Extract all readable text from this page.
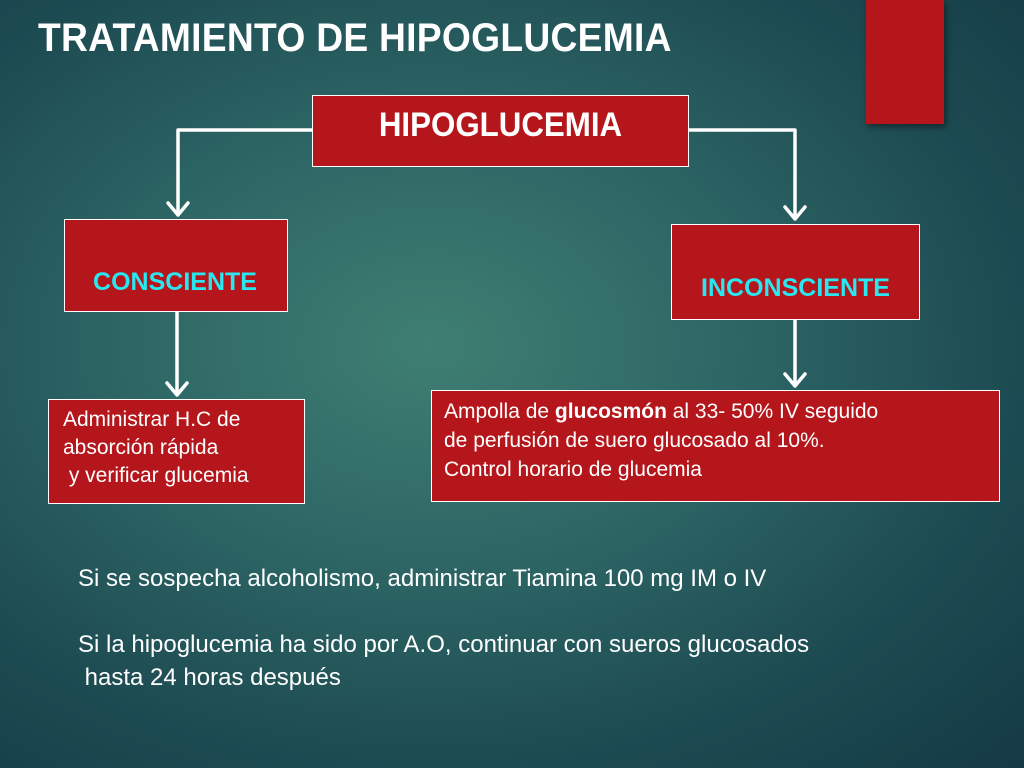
TRATAMIENTO DE HIPOGLUCEMIA
HIPOGLUCEMIA
CONSCIENTE	INCONSCIENTE
Administrar H.C de
absorción rápida
y verificar glucemia
Ampolla de glucosmón al 33- 50% IV seguido
de perfusión de suero glucosado al 10%.
Control horario de glucemia

Si se sospecha alcoholismo, administrar Tiamina 100 mg IM o IV

Si la hipoglucemia ha sido por A.O, continuar con sueros glucosados
hasta 24 horas después
